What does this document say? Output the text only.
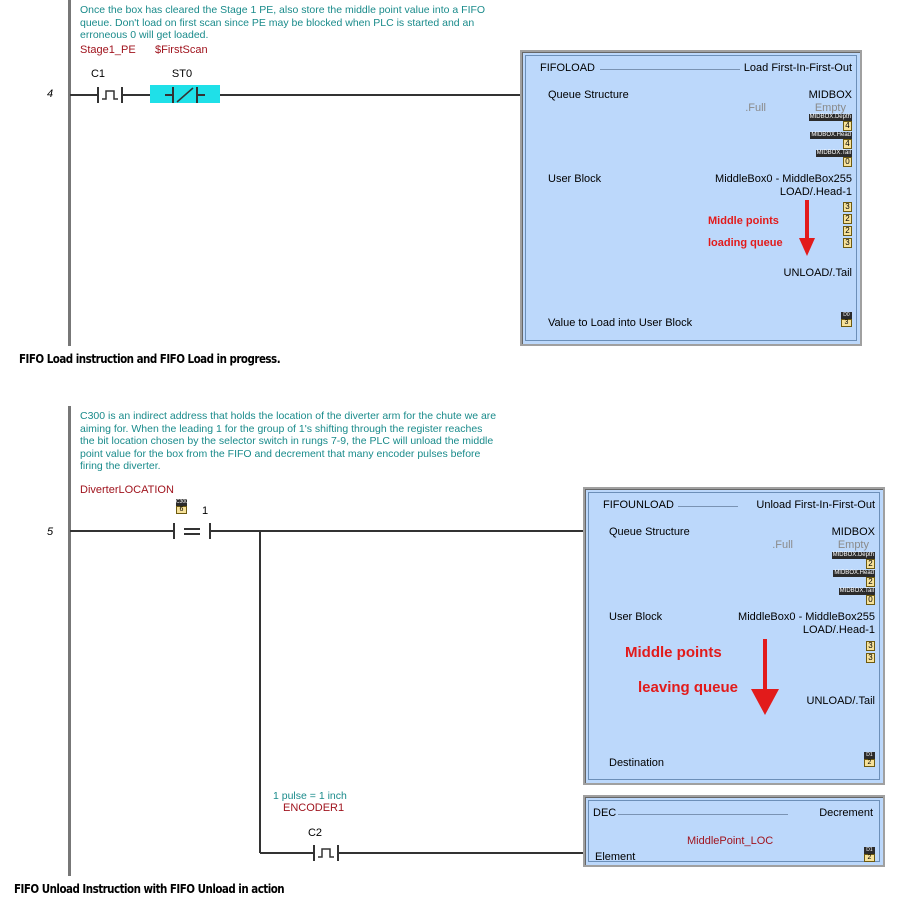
4
Once the box has cleared the Stage 1 PE, also store the middle point value into a FIFO
queue. Don't load on first scan since PE may be blocked when PLC is started and an
erroneous 0 will get loaded.
Stage1_PE $FirstScan
C1	ST0	FIFOLOAD	Load First-In-First-Out
Queue Structure	MIDBOX
.Full	Empty
MIDBOX.Depth
4
MIDBOX.Head
4
MIDBOX.Tail
0
User Block	MiddleBox0 - MiddleBox255
LOAD/.Head-1
3
2
2
3
Middle points
loading queue
UNLOAD/.Tail
Value to Load into User Block
D0
3
FIFO Load instruction and FIFO Load in progress.
5
C300 is an indirect address that holds the location of the diverter arm for the chute we are
aiming for. When the leading 1 for the group of 1's shifting through the register reaches
the bit location chosen by the selector switch in rungs 7-9, the PLC will unload the middle
point value for the box from the FIFO and decrement that many encoder pulses before
firing the diverter.
DiverterLOCATION
C300
6	1
1 pulse = 1 inch
ENCODER1
C2
FIFOUNLOAD	Unload First-In-First-Out
Queue Structure	MIDBOX
.Full	Empty
MIDBOX.Depth
2
MIDBOX.Head
2
MIDBOX.Tail
0
User Block	MiddleBox0 - MiddleBox255
LOAD/.Head-1
3
3
Middle points
leaving queue
UNLOAD/.Tail
Destination
D1
2
DEC	Decrement
MiddlePoint_LOC
Element
D1
2
FIFO Unload Instruction with FIFO Unload in action
